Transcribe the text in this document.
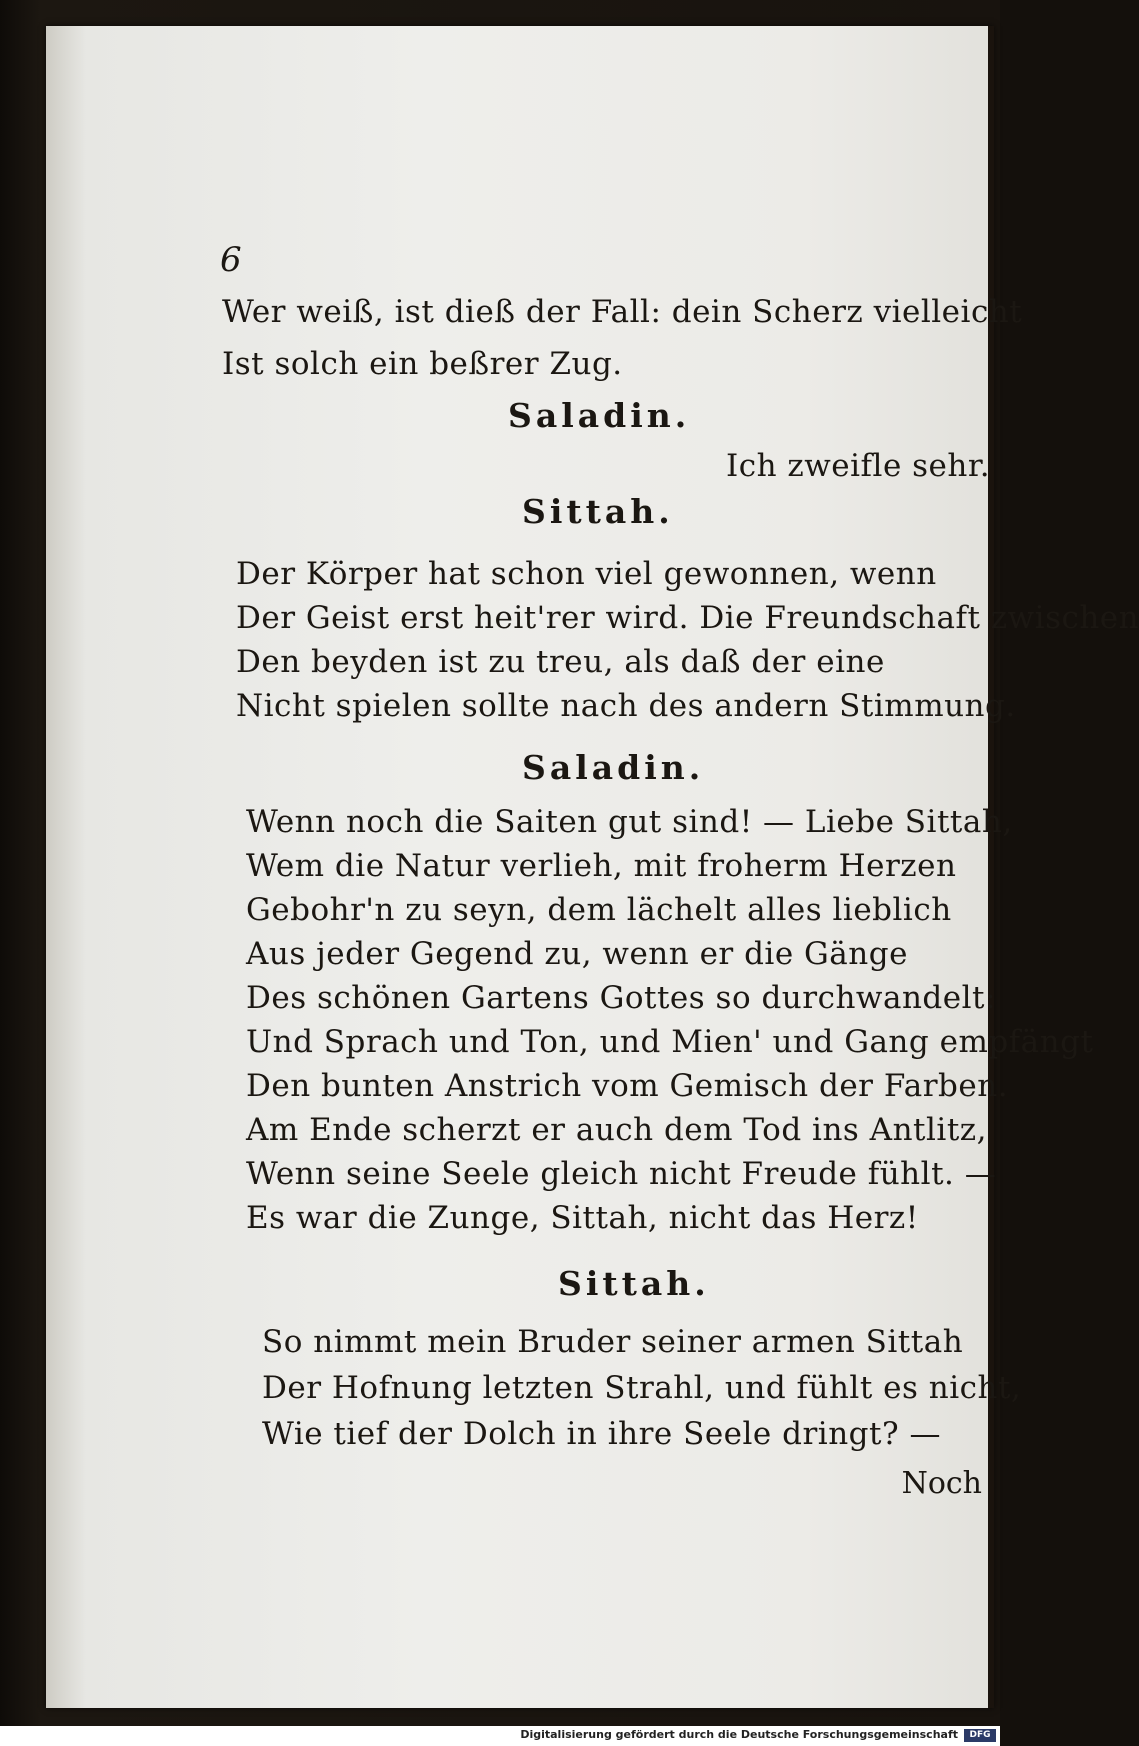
6
Wer weiß, ist dieß der Fall: dein Scherz vielleicht
Ist solch ein beßrer Zug.
Saladin.
Ich zweifle sehr.
Sittah.
Der Körper hat schon viel gewonnen, wenn
Der Geist erst heit'rer wird. Die Freundschaft zwischen
Den beyden ist zu treu, als daß der eine
Nicht spielen sollte nach des andern Stimmung.
Saladin.
Wenn noch die Saiten gut sind! — Liebe Sittah,
Wem die Natur verlieh, mit froherm Herzen
Gebohr'n zu seyn, dem lächelt alles lieblich
Aus jeder Gegend zu, wenn er die Gänge
Des schönen Gartens Gottes so durchwandelt:
Und Sprach und Ton, und Mien' und Gang empfängt
Den bunten Anstrich vom Gemisch der Farben.
Am Ende scherzt er auch dem Tod ins Antlitz,
Wenn seine Seele gleich nicht Freude fühlt. —
Es war die Zunge, Sittah, nicht das Herz!
Sittah.
So nimmt mein Bruder seiner armen Sittah
Der Hofnung letzten Strahl, und fühlt es nicht,
Wie tief der Dolch in ihre Seele dringt? —
Noch
Digitalisierung gefördert durch die Deutsche Forschungsgemeinschaft	DFG
